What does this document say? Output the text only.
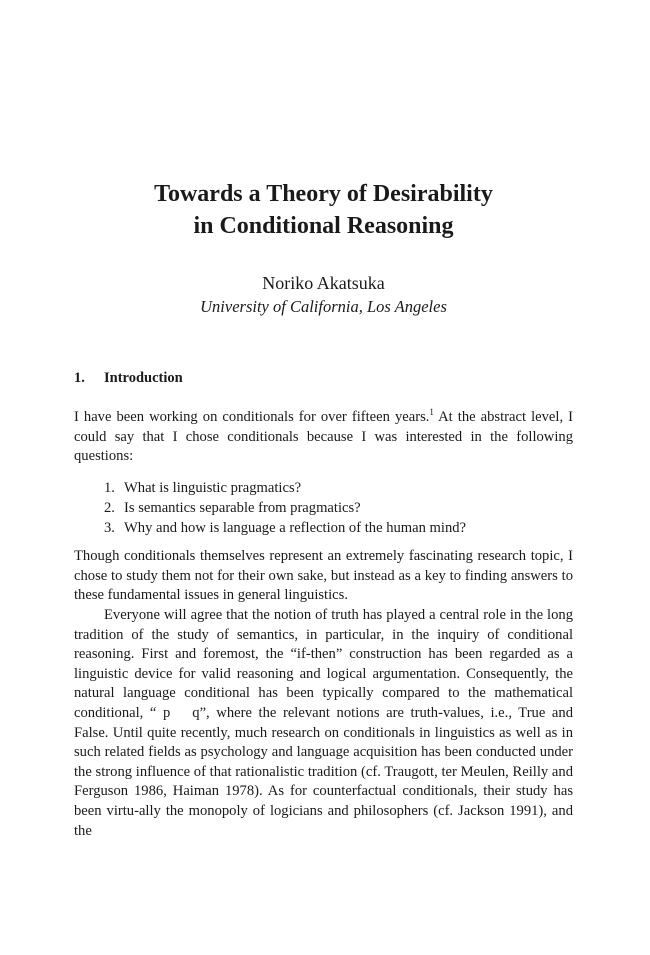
Towards a Theory of Desirability
in Conditional Reasoning
Noriko Akatsuka
University of California, Los Angeles
1. Introduction

I have been working on conditionals for over fifteen years.$^1$ At the abstract level, I could say that I chose conditionals because I was interested in the following questions:

1. What is linguistic pragmatics?
2. Is semantics separable from pragmatics?
3. Why and how is language a reflection of the human mind?

Though conditionals themselves represent an extremely fascinating research topic, I chose to study them not for their own sake, but instead as a key to finding answers to these fundamental issues in general linguistics.

Everyone will agree that the notion of truth has played a central role in the long tradition of the study of semantics, in particular, in the inquiry of conditional reasoning. First and foremost, the “if-then” construction has been regarded as a linguistic device for valid reasoning and logical argumentation. Consequently, the natural language conditional has been typically compared to the mathematical conditional, “ p q”, where the relevant notions are truth-values, i.e., True and False. Until quite recently, much research on conditionals in linguistics as well as in such related fields as psychology and language acquisition has been conducted under the strong influence of that rationalistic tradition (cf. Traugott, ter Meulen, Reilly and Ferguson 1986, Haiman 1978). As for counterfactual conditionals, their study has been virtu-ally the monopoly of logicians and philosophers (cf. Jackson 1991), and the
